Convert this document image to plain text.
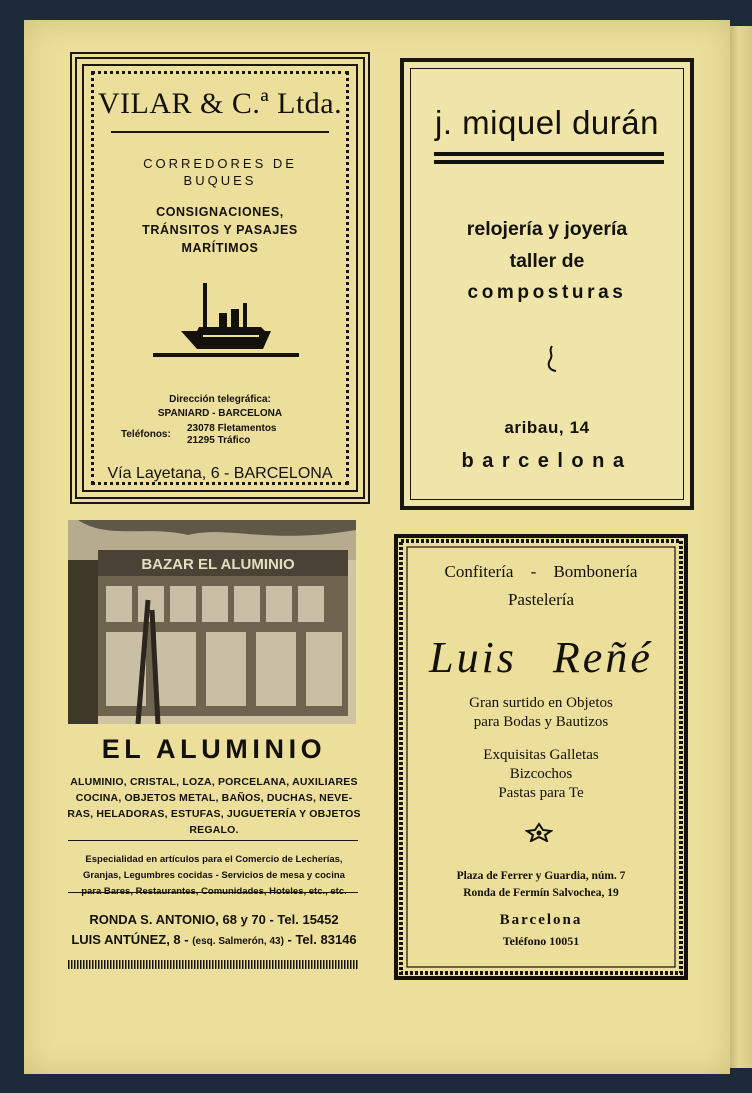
VILAR & C.ª Ltda.
CORREDORES DE
BUQUES
CONSIGNACIONES,
TRÁNSITOS Y PASAJES
MARÍTIMOS
Dirección telegráfica:
SPANIARD - BARCELONA
Teléfonos:
23078 Fletamentos
21295 Tráfico
Vía Layetana, 6 - BARCELONA
j. miquel durán
relojería y joyería
taller de
composturas
aribau, 14
barcelona
BAZAR EL ALUMINIO
EL ALUMINIO
ALUMINIO, CRISTAL, LOZA, PORCELANA, AUXILIARES
COCINA, OBJETOS METAL, BAÑOS, DUCHAS, NEVE-
RAS, HELADORAS, ESTUFAS, JUGUETERÍA Y OBJETOS
REGALO.
Especialidad en artículos para el Comercio de Lecherías,
Granjas, Legumbres cocidas - Servicios de mesa y cocina
para Bares, Restaurantes, Comunidades, Hoteles, etc., etc.
RONDA S. ANTONIO, 68 y 70 - Tel. 15452
LUIS ANTÚNEZ, 8 - (esq. Salmerón, 43) - Tel. 83146
Confitería - Bombonería
Pastelería
Luis Reñé
Gran surtido en Objetos
para Bodas y Bautizos
Exquisitas Galletas
Bizcochos
Pastas para Te
Plaza de Ferrer y Guardia, núm. 7
Ronda de Fermín Salvochea, 19
Barcelona
Teléfono 10051
